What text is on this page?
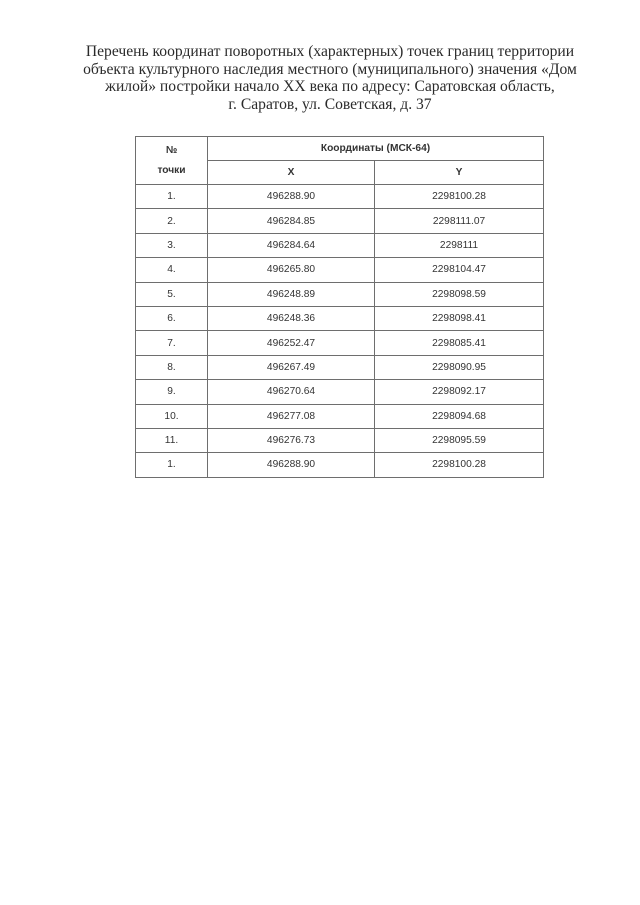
Перечень координат поворотных (характерных) точек границ территории
объекта культурного наследия местного (муниципального) значения «Дом
жилой» постройки начало XX века по адресу: Саратовская область,
г. Саратов, ул. Советская, д. 37
№
точки	Координаты (МСК-64)	
	X	Y
1.	496288.90	2298100.28
2.	496284.85	2298111.07
3.	496284.64	2298111
4.	496265.80	2298104.47
5.	496248.89	2298098.59
6.	496248.36	2298098.41
7.	496252.47	2298085.41
8.	496267.49	2298090.95
9.	496270.64	2298092.17
10.	496277.08	2298094.68
11.	496276.73	2298095.59
1.	496288.90	2298100.28
